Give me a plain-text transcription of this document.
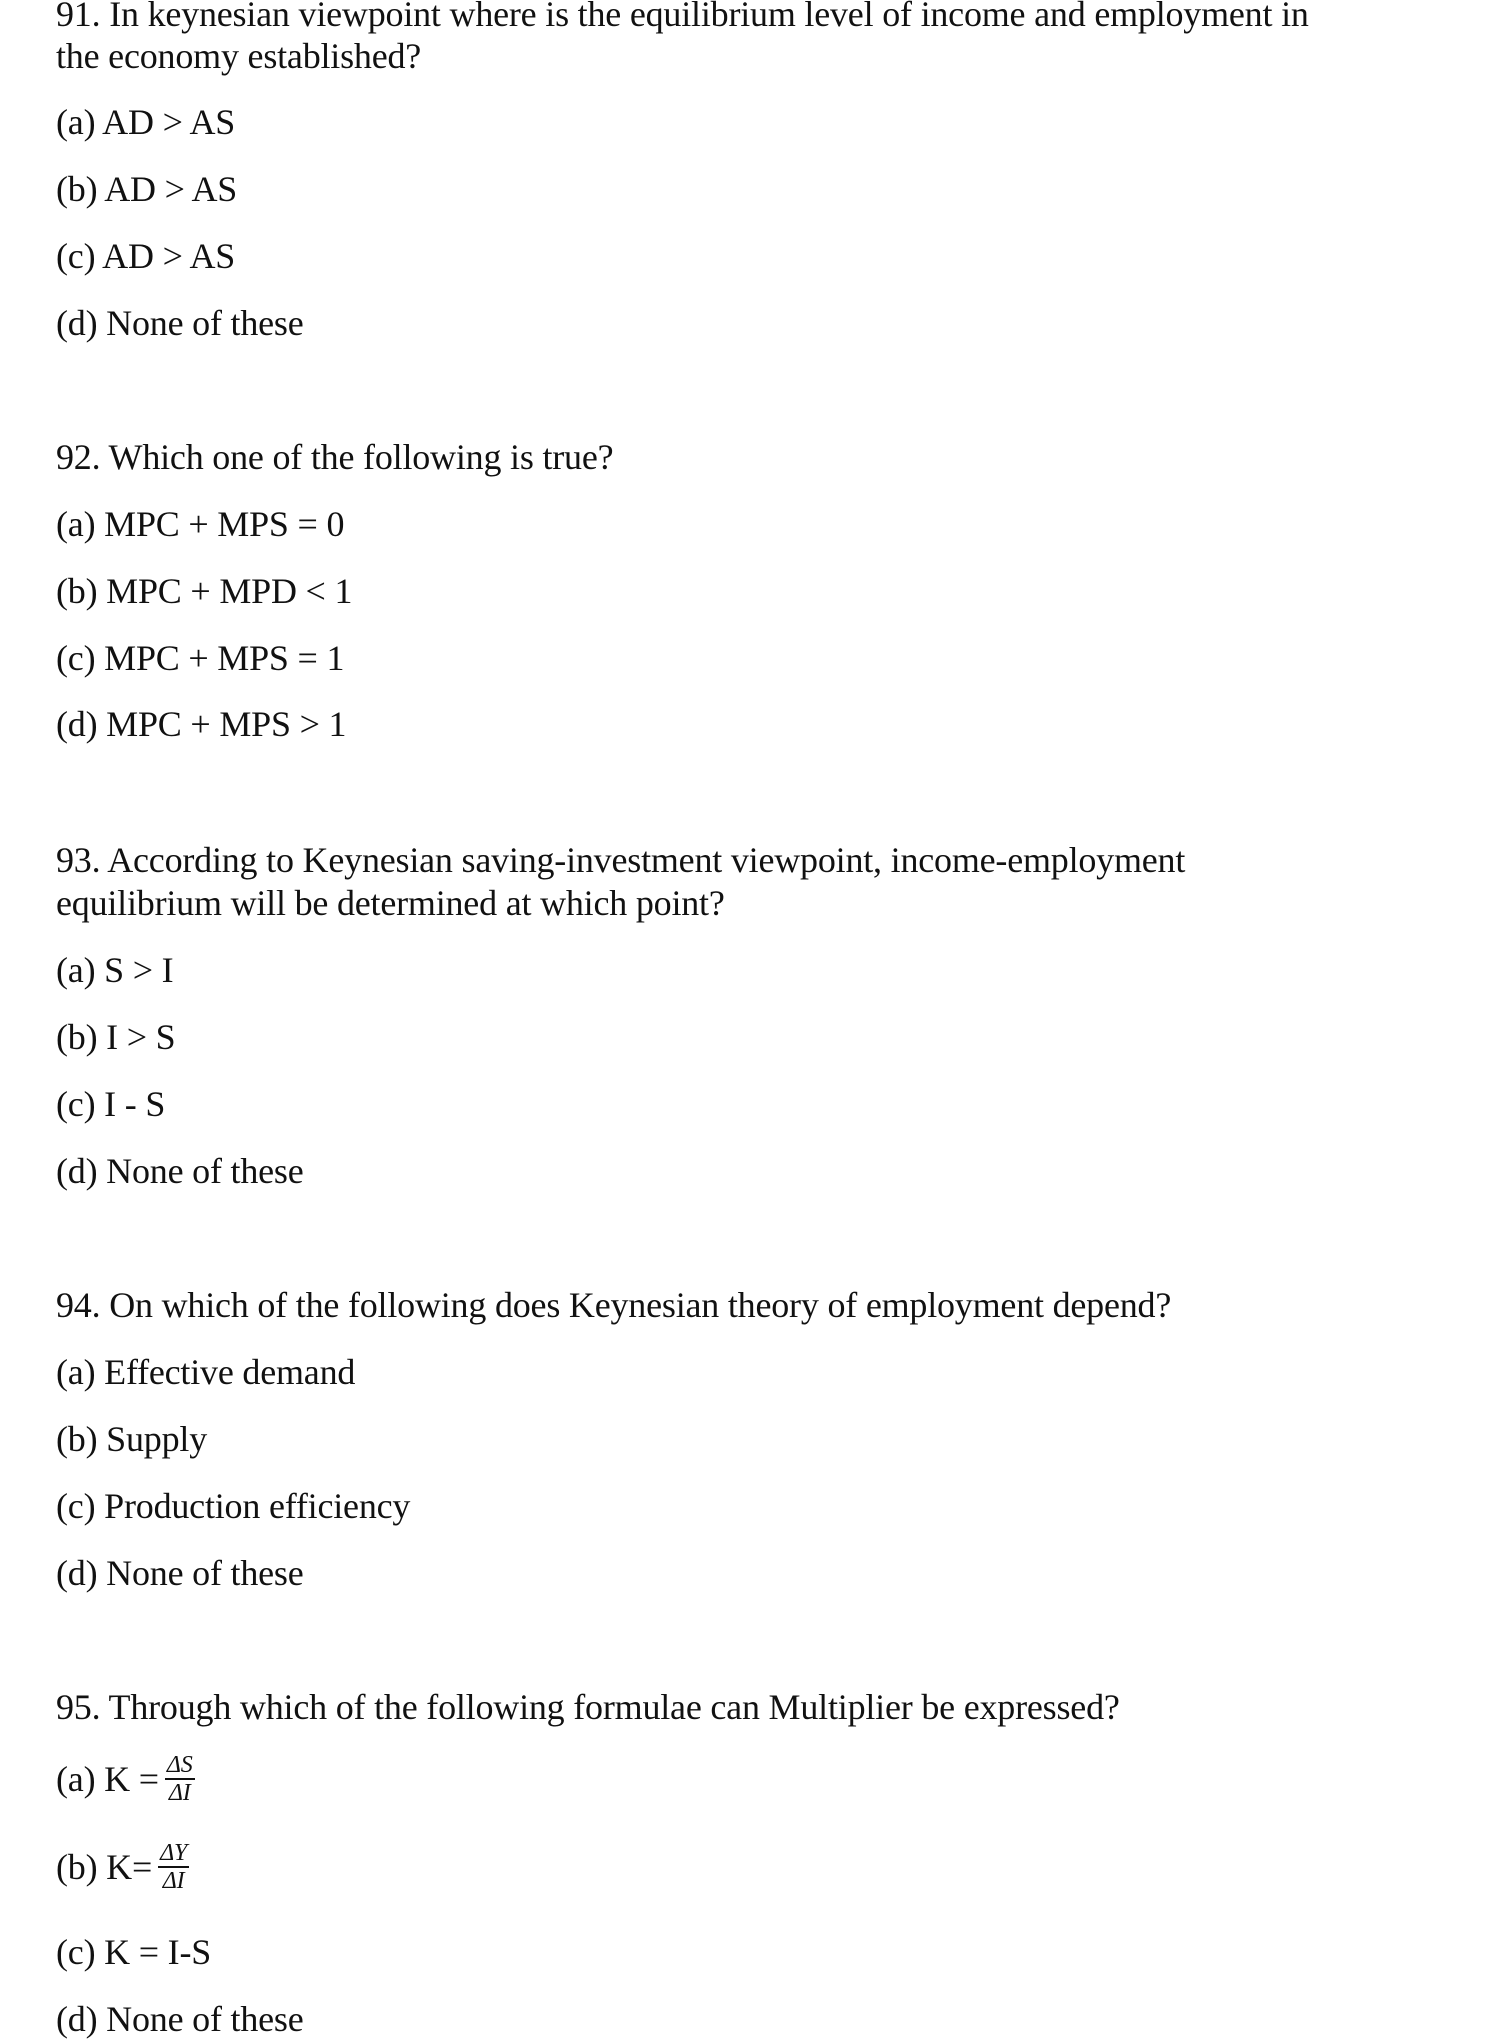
91. In keynesian viewpoint where is the equilibrium level of income and employment in
the economy established?
(a) AD > AS
(b) AD > AS
(c) AD > AS
(d) None of these
92. Which one of the following is true?
(a) MPC + MPS = 0
(b) MPC + MPD < 1
(c) MPC + MPS = 1
(d) MPC + MPS > 1
93. According to Keynesian saving-investment viewpoint, income-employment
equilibrium will be determined at which point?
(a) S > I
(b) I > S
(c) I - S
(d) None of these
94. On which of the following does Keynesian theory of employment depend?
(a) Effective demand
(b) Supply
(c) Production efficiency
(d) None of these
95. Through which of the following formulae can Multiplier be expressed?
(a) $K = \frac{\Delta S}{\Delta I}$
(b) $K= \frac{\Delta Y}{\Delta I}$
(c) K = I-S
(d) None of these
